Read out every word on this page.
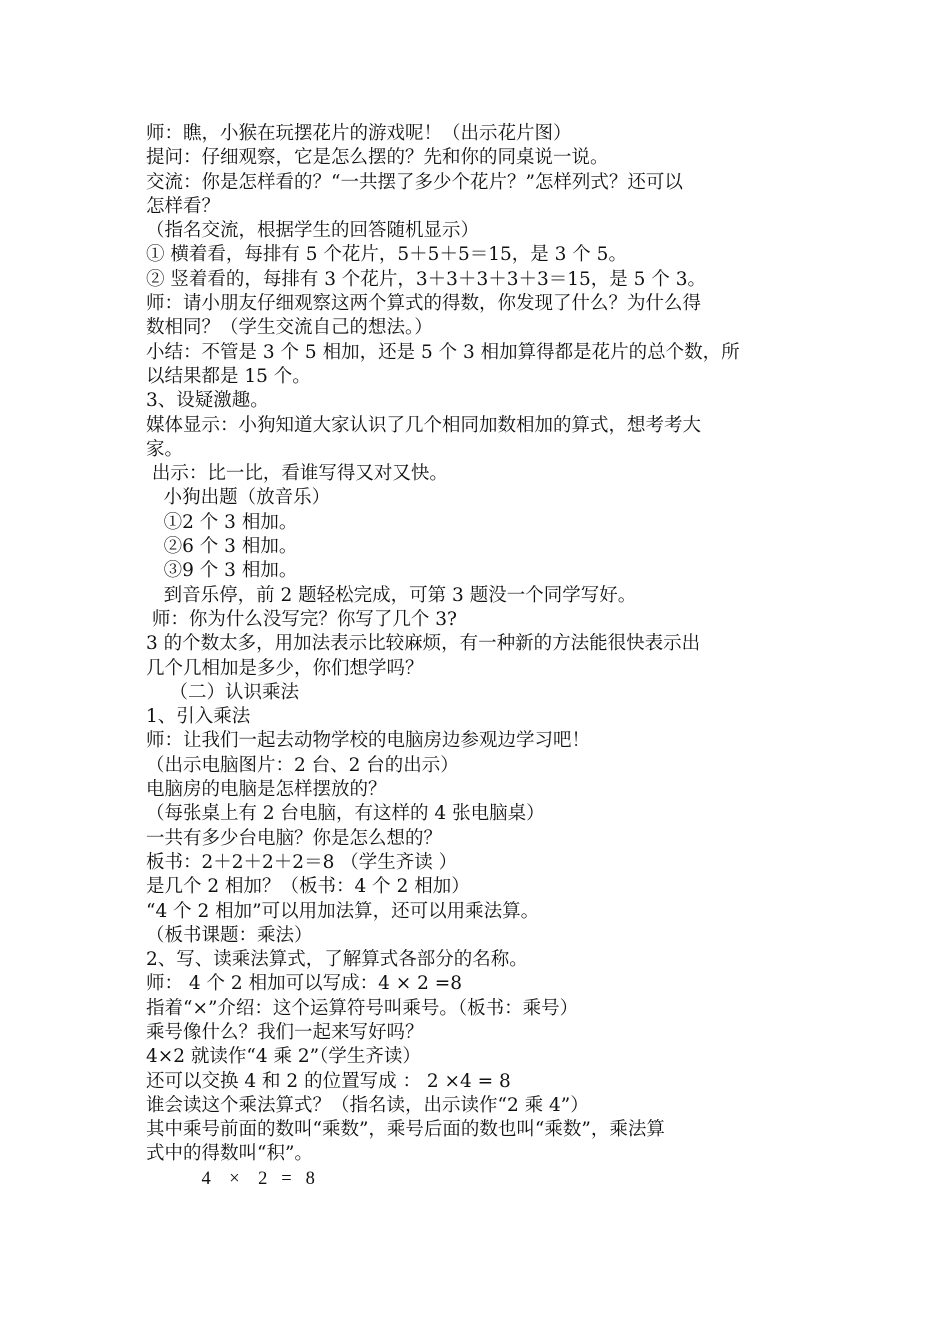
师：瞧，小猴在玩摆花片的游戏呢！（出示花片图）
提问：仔细观察，它是怎么摆的？先和你的同桌说一说。
交流：你是怎样看的？“一共摆了多少个花片？”怎样列式？还可以
怎样看？
（指名交流，根据学生的回答随机显示）
① 横着看，每排有 5 个花片，5＋5＋5＝15，是 3 个 5。
② 竖着看的，每排有 3 个花片，3＋3＋3＋3＋3＝15，是 5 个 3。
师：请小朋友仔细观察这两个算式的得数，你发现了什么？为什么得
数相同？（学生交流自己的想法。）
小结：不管是 3 个 5 相加，还是 5 个 3 相加算得都是花片的总个数，所
以结果都是 15 个。
3、设疑激趣。
媒体显示：小狗知道大家认识了几个相同加数相加的算式，想考考大
家。
出示：比一比，看谁写得又对又快。
小狗出题（放音乐）
①2 个 3 相加。
②6 个 3 相加。
③9 个 3 相加。
到音乐停，前 2 题轻松完成，可第 3 题没一个同学写好。
师：你为什么没写完？你写了几个 3?
3 的个数太多，用加法表示比较麻烦，有一种新的方法能很快表示出
几个几相加是多少，你们想学吗？
（二）认识乘法
1、引入乘法
师：让我们一起去动物学校的电脑房边参观边学习吧！
（出示电脑图片：2 台、2 台的出示）
电脑房的电脑是怎样摆放的？
（每张桌上有 2 台电脑，有这样的 4 张电脑桌）
一共有多少台电脑？你是怎么想的？
板书：2＋2＋2＋2＝8 （学生齐读 ）
是几个 2 相加？（板书：4 个 2 相加）
“4 个 2 相加”可以用加法算，还可以用乘法算。
（板书课题：乘法）
2、写、读乘法算式，了解算式各部分的名称。
师： 4 个 2 相加可以写成：4 × 2 =8
指着“×”介绍：这个运算符号叫乘号。（板书：乘号）
乘号像什么？我们一起来写好吗？
4×2 就读作“4 乘 2”（学生齐读）
还可以交换 4 和 2 的位置写成 ： 2 ×4 = 8
谁会读这个乘法算式？（指名读，出示读作“2 乘 4”）
其中乘号前面的数叫“乘数”，乘号后面的数也叫“乘数”，乘法算
式中的得数叫“积”。
4    ×    2   =   8
